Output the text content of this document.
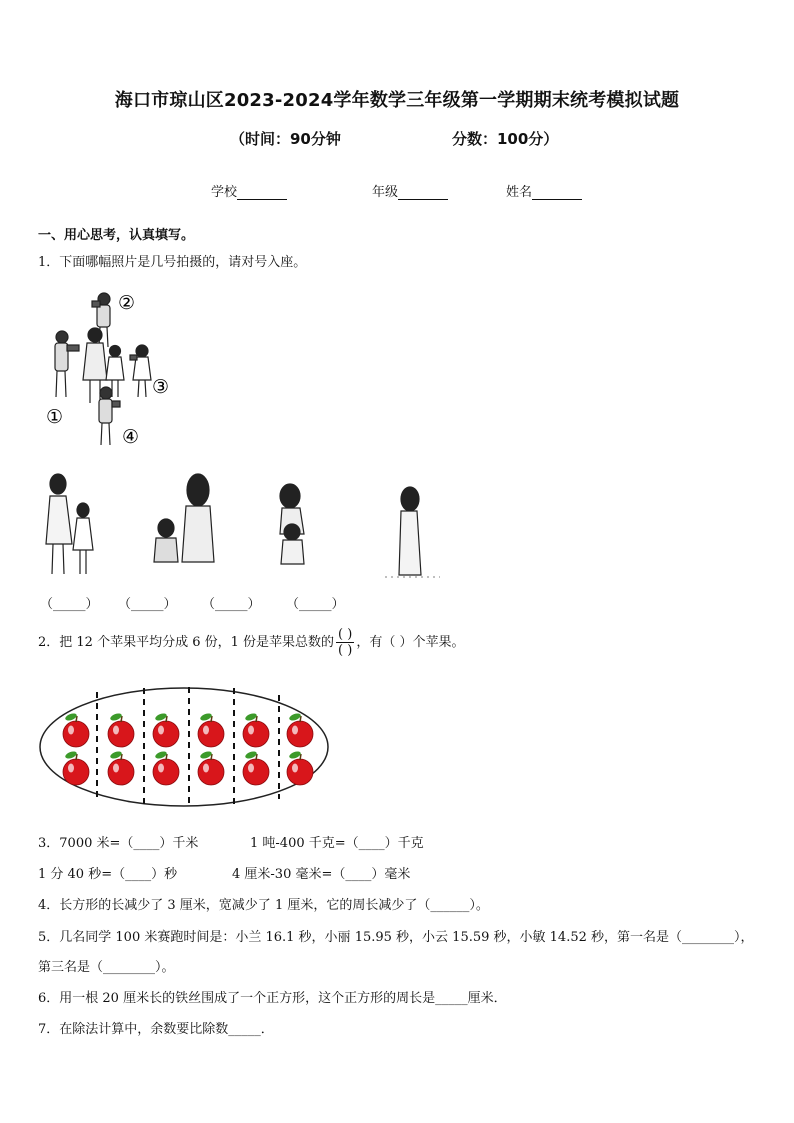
海口市琼山区2023-2024学年数学三年级第一学期期末统考模拟试题
（时间：90分钟	分数：100分）
学校	年级	姓名
一、用心思考，认真填写。
1．下面哪幅照片是几号拍摄的，请对号入座。
②
③
①
④
（_____） （_____） （_____） （_____）
2．把 12 个苹果平均分成 6 份，1 份是苹果总数的 $\frac{( )}{( )}$ ，有（ ）个苹果。
3．7000 米=（____）千米	1 吨-400 千克=（____）千克
1 分 40 秒=（____）秒	4 厘米-30 毫米=（____）毫米
4．长方形的长减少了 3 厘米，宽减少了 1 厘米，它的周长减少了（______）。
5．几名同学 100 米赛跑时间是：小兰 16.1 秒，小丽 15.95 秒，小云 15.59 秒，小敏 14.52 秒，第一名是（________），
第三名是（________）。
6．用一根 20 厘米长的铁丝围成了一个正方形，这个正方形的周长是_____厘米．
7．在除法计算中，余数要比除数_____．
